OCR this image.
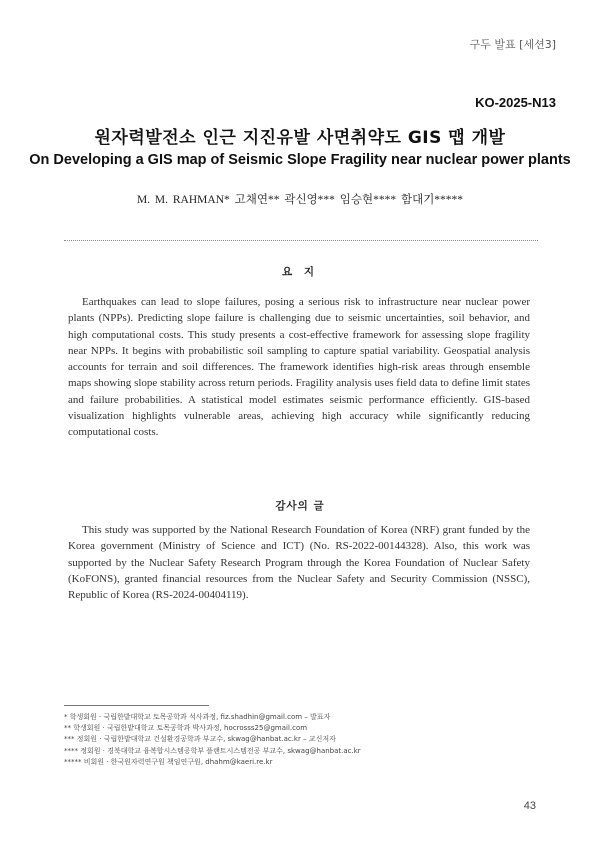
구두 발표 [세션3]
KO-2025-N13
원자력발전소 인근 지진유발 사면취약도 GIS 맵 개발
On Developing a GIS map of Seismic Slope Fragility near nuclear power plants
M. M. RAHMAN* 고채연** 곽신영*** 임승현**** 함대기*****
요 지
Earthquakes can lead to slope failures, posing a serious risk to infrastructure near nuclear power plants (NPPs). Predicting slope failure is challenging due to seismic uncertainties, soil behavior, and high computational costs. This study presents a cost-effective framework for assessing slope fragility near NPPs. It begins with probabilistic soil sampling to capture spatial variability. Geospatial analysis accounts for terrain and soil differences. The framework identifies high-risk areas through ensemble maps showing slope stability across return periods. Fragility analysis uses field data to define limit states and failure probabilities. A statistical model estimates seismic performance efficiently. GIS-based visualization highlights vulnerable areas, achieving high accuracy while significantly reducing computational costs.
감사의 글
This study was supported by the National Research Foundation of Korea (NRF) grant funded by the Korea government (Ministry of Science and ICT) (No. RS-2022-00144328). Also, this work was supported by the Nuclear Safety Research Program through the Korea Foundation of Nuclear Safety (KoFONS), granted financial resources from the Nuclear Safety and Security Commission (NSSC), Republic of Korea (RS-2024-00404119).
* 학생회원 · 국립한밭대학교 토목공학과 석사과정, fiz.shadhin@gmail.com – 발표자
** 학생회원 · 국립한밭대학교 토목공학과 박사과정, hocrosss25@gmail.com
*** 정회원 · 국립한밭대학교 건설환경공학과 부교수, skwag@hanbat.ac.kr – 교신저자
**** 정회원 · 경북대학교 융복합시스템공학부 플랜트시스템전공 부교수, skwag@hanbat.ac.kr
***** 비회원 · 한국원자력연구원 책임연구원, dhahm@kaeri.re.kr
43
